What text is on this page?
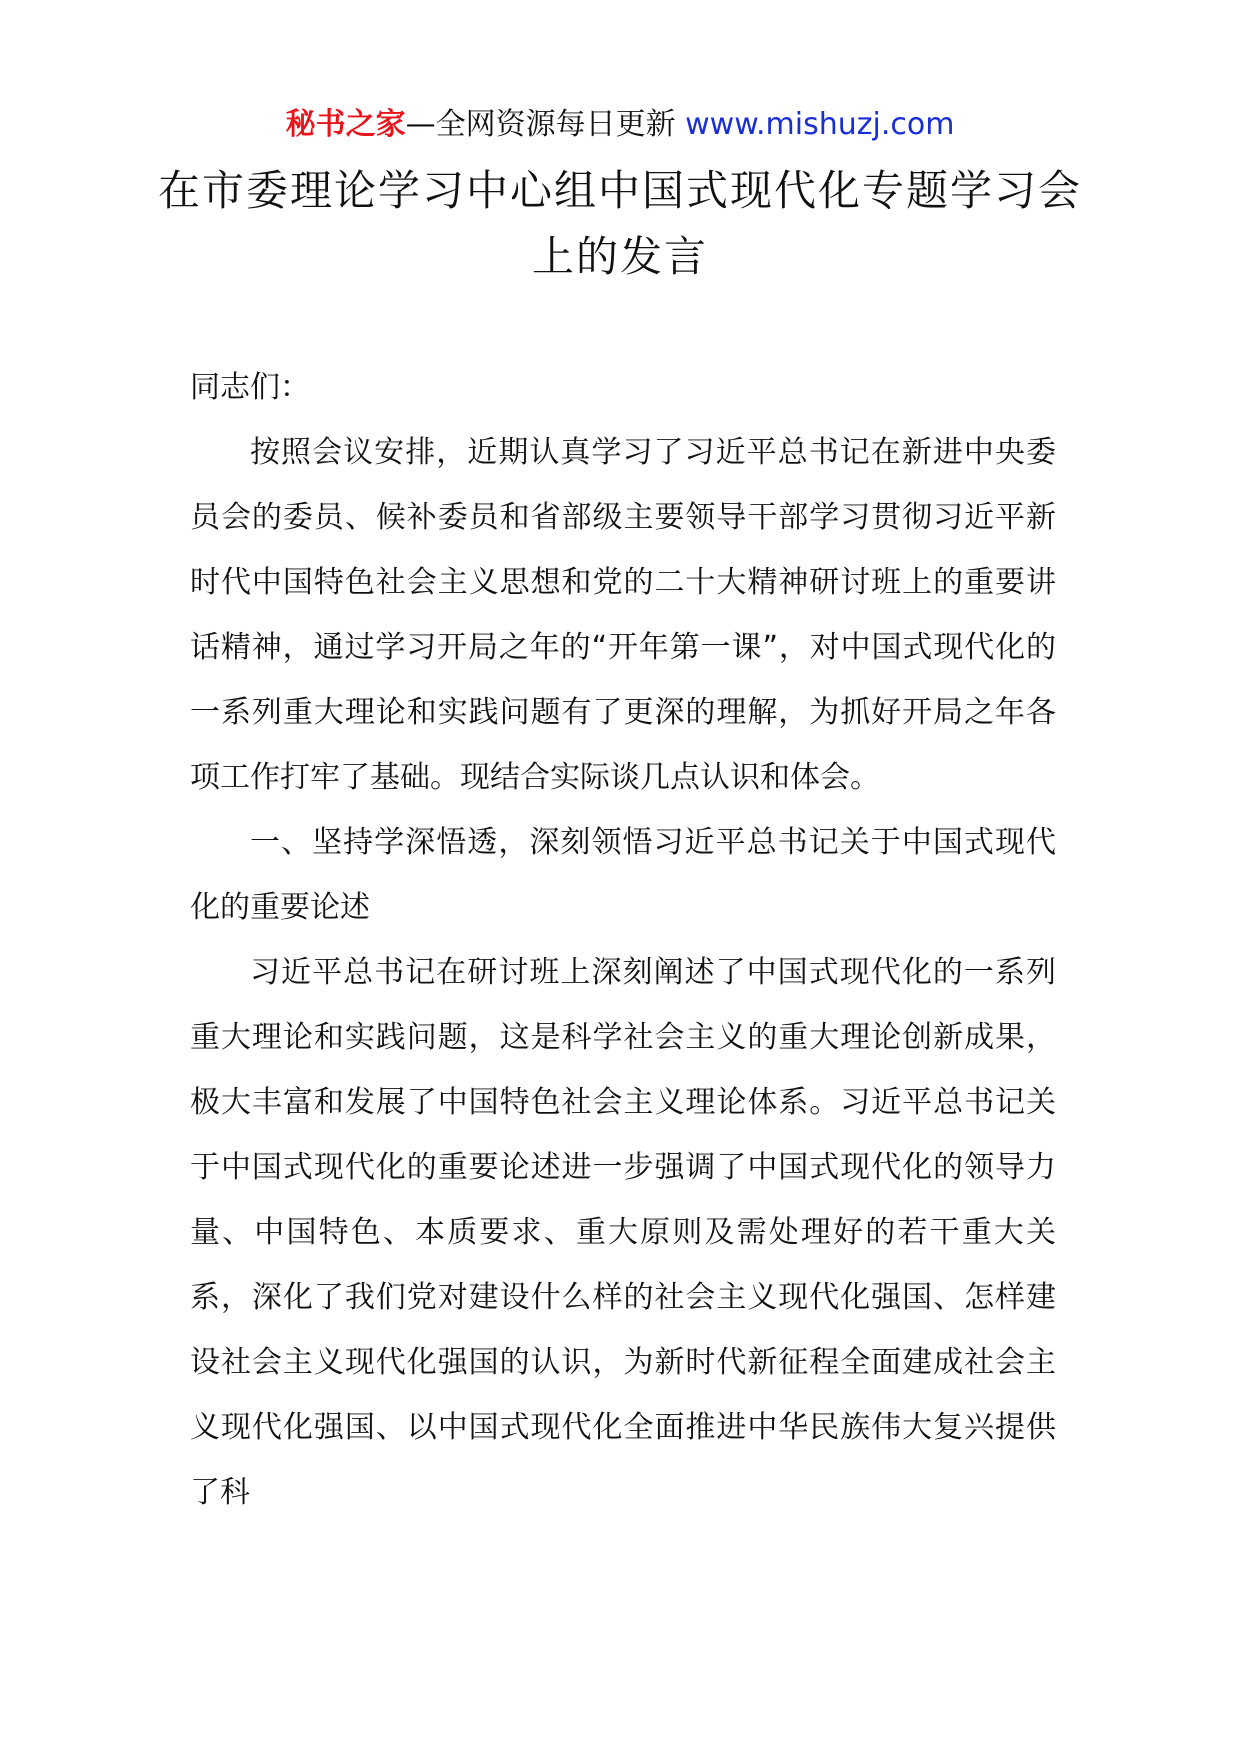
秘书之家—全网资源每日更新 www.mishuzj.com
在市委理论学习中心组中国式现代化专题学习会上的发言

同志们：

按照会议安排，近期认真学习了习近平总书记在新进中央委员会的委员、候补委员和省部级主要领导干部学习贯彻习近平新时代中国特色社会主义思想和党的二十大精神研讨班上的重要讲话精神，通过学习开局之年的“开年第一课”，对中国式现代化的一系列重大理论和实践问题有了更深的理解，为抓好开局之年各项工作打牢了基础。现结合实际谈几点认识和体会。

一、坚持学深悟透，深刻领悟习近平总书记关于中国式现代化的重要论述

习近平总书记在研讨班上深刻阐述了中国式现代化的一系列重大理论和实践问题，这是科学社会主义的重大理论创新成果，极大丰富和发展了中国特色社会主义理论体系。习近平总书记关于中国式现代化的重要论述进一步强调了中国式现代化的领导力量、中国特色、本质要求、重大原则及需处理好的若干重大关系，深化了我们党对建设什么样的社会主义现代化强国、怎样建设社会主义现代化强国的认识，为新时代新征程全面建成社会主义现代化强国、以中国式现代化全面推进中华民族伟大复兴提供了科
